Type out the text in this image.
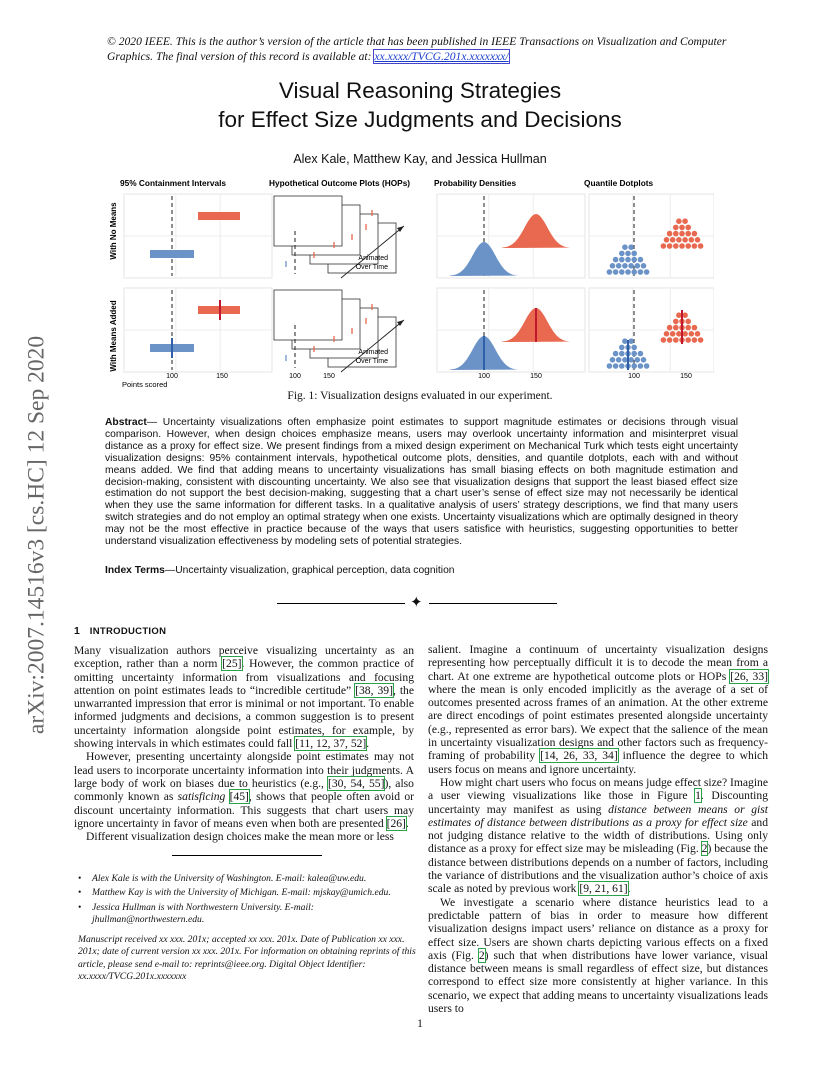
© 2020 IEEE. This is the author’s version of the article that has been published in IEEE Transactions on Visualization and Computer Graphics. The final version of this record is available at: xx.xxxx/TVCG.201x.xxxxxxx/
arXiv:2007.14516v3 [cs.HC] 12 Sep 2020
Visual Reasoning Strategies
for Effect Size Judgments and Decisions
Alex Kale, Matthew Kay, and Jessica Hullman
95% Containment Intervals	Hypothetical Outcome Plots (HOPs)	Probability Densities	Quantile Dotplots
With No Means
With Means Added
Animated
Over Time
Animated
Over Time
100	150	100	150	100	150	100	150
Points scored
Fig. 1: Visualization designs evaluated in our experiment.
Abstract— Uncertainty visualizations often emphasize point estimates to support magnitude estimates or decisions through visual comparison. However, when design choices emphasize means, users may overlook uncertainty information and misinterpret visual distance as a proxy for effect size. We present findings from a mixed design experiment on Mechanical Turk which tests eight uncertainty visualization designs: 95% containment intervals, hypothetical outcome plots, densities, and quantile dotplots, each with and without means added. We find that adding means to uncertainty visualizations has small biasing effects on both magnitude estimation and decision-making, consistent with discounting uncertainty. We also see that visualization designs that support the least biased effect size estimation do not support the best decision-making, suggesting that a chart user’s sense of effect size may not necessarily be identical when they use the same information for different tasks. In a qualitative analysis of users’ strategy descriptions, we find that many users switch strategies and do not employ an optimal strategy when one exists. Uncertainty visualizations which are optimally designed in theory may not be the most effective in practice because of the ways that users satisfice with heuristics, suggesting opportunities to better understand visualization effectiveness by modeling sets of potential strategies.
Index Terms—Uncertainty visualization, graphical perception, data cognition
✦
1 INTRODUCTION

Many visualization authors perceive visualizing uncertainty as an exception, rather than a norm [25]. However, the common practice of omitting uncertainty information from visualizations and focusing attention on point estimates leads to “incredible certitude” [38, 39], the unwarranted impression that error is minimal or not important. To enable informed judgments and decisions, a common suggestion is to present uncertainty information alongside point estimates, for example, by showing intervals in which estimates could fall [11, 12, 37, 52].

However, presenting uncertainty alongside point estimates may not lead users to incorporate uncertainty information into their judgments. A large body of work on biases due to heuristics (e.g., [30, 54, 55]), also commonly known as satisficing [45], shows that people often avoid or discount uncertainty information. This suggests that chart users may ignore uncertainty in favor of means even when both are presented [26].

Different visualization design choices make the mean more or less

• Alex Kale is with the University of Washington. E-mail: kalea@uw.edu.
• Matthew Kay is with the University of Michigan. E-mail: mjskay@umich.edu.
• Jessica Hullman is with Northwestern University. E-mail: jhullman@northwestern.edu.
Manuscript received xx xxx. 201x; accepted xx xxx. 201x. Date of Publication xx xxx. 201x; date of current version xx xxx. 201x. For information on obtaining reprints of this article, please send e-mail to: reprints@ieee.org. Digital Object Identifier: xx.xxxx/TVCG.201x.xxxxxxx

salient. Imagine a continuum of uncertainty visualization designs representing how perceptually difficult it is to decode the mean from a chart. At one extreme are hypothetical outcome plots or HOPs [26, 33] where the mean is only encoded implicitly as the average of a set of outcomes presented across frames of an animation. At the other extreme are direct encodings of point estimates presented alongside uncertainty (e.g., represented as error bars). We expect that the salience of the mean in uncertainty visualization designs and other factors such as frequency-framing of probability [14, 26, 33, 34] influence the degree to which users focus on means and ignore uncertainty.

How might chart users who focus on means judge effect size? Imagine a user viewing visualizations like those in Figure 1. Discounting uncertainty may manifest as using distance between means or gist estimates of distance between distributions as a proxy for effect size and not judging distance relative to the width of distributions. Using only distance as a proxy for effect size may be misleading (Fig. 2) because the distance between distributions depends on a number of factors, including the variance of distributions and the visualization author’s choice of axis scale as noted by previous work [9, 21, 61].

We investigate a scenario where distance heuristics lead to a predictable pattern of bias in order to measure how different visualization designs impact users’ reliance on distance as a proxy for effect size. Users are shown charts depicting various effects on a fixed axis (Fig. 2) such that when distributions have lower variance, visual distance between means is small regardless of effect size, but distances correspond to effect size more consistently at higher variance. In this scenario, we expect that adding means to uncertainty visualizations leads users to

1
